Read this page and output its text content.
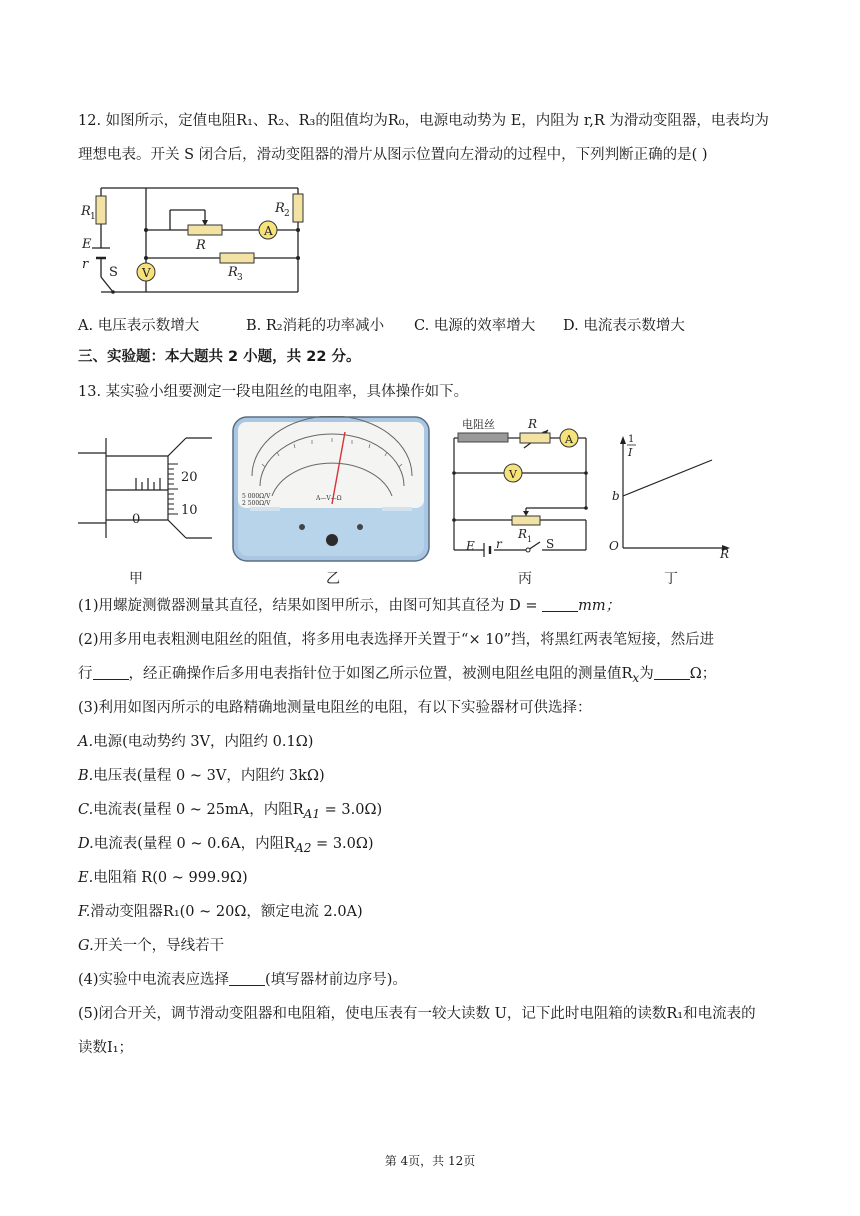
12. 如图所示，定值电阻R₁、R₂、R₃的阻值均为R₀，电源电动势为 E，内阻为 r,R 为滑动变阻器，电表均为
理想电表。开关 S 闭合后，滑动变阻器的滑片从图示位置向左滑动的过程中，下列判断正确的是( )
A
V
R 1
R 2
R 3
R
E
r
S
A. 电压表示数增大	B. R₂消耗的功率减小 C. 电源的效率增大 D. 电流表示数增大
三、实验题：本大题共 2 小题，共 22 分。
13. 某实验小组要测定一段电阻丝的电阻率，具体操作如下。
20
10
0
A—V—Ω
5 000Ω/V
2 500Ω/V
电阻丝	R
A
V
R 1
E r	S
1
I
b
O
R
甲	乙	丙	丁
(1)用螺旋测微器测量其直径，结果如图甲所示，由图可知其直径为 D =	mm；
(2)用多用电表粗测电阻丝的阻值，将多用电表选择开关置于“× 10”挡，将黑红两表笔短接，然后进
行 ，经正确操作后多用电表指针位于如图乙所示位置，被测电阻丝电阻的测量值$R_x$为 Ω；
(3)利用如图丙所示的电路精确地测量电阻丝的电阻，有以下实验器材可供选择：
A.电源(电动势约 3V，内阻约 0.1Ω)
B.电压表(量程 0 ~ 3V，内阻约 3kΩ)
C.电流表(量程 0 ~ 25mA，内阻$R_{A1} = 3.0\Omega$)
D.电流表(量程 0 ~ 0.6A，内阻$R_{A2} = 3.0\Omega$)
E.电阻箱 R(0 ~ 999.9Ω)
F.滑动变阻器R₁(0 ~ 20Ω，额定电流 2.0A)
G.开关一个，导线若干
(4)实验中电流表应选择 (填写器材前边序号)。
(5)闭合开关，调节滑动变阻器和电阻箱，使电压表有一较大读数 U，记下此时电阻箱的读数R₁和电流表的
读数I₁；
第 4页，共 12页
